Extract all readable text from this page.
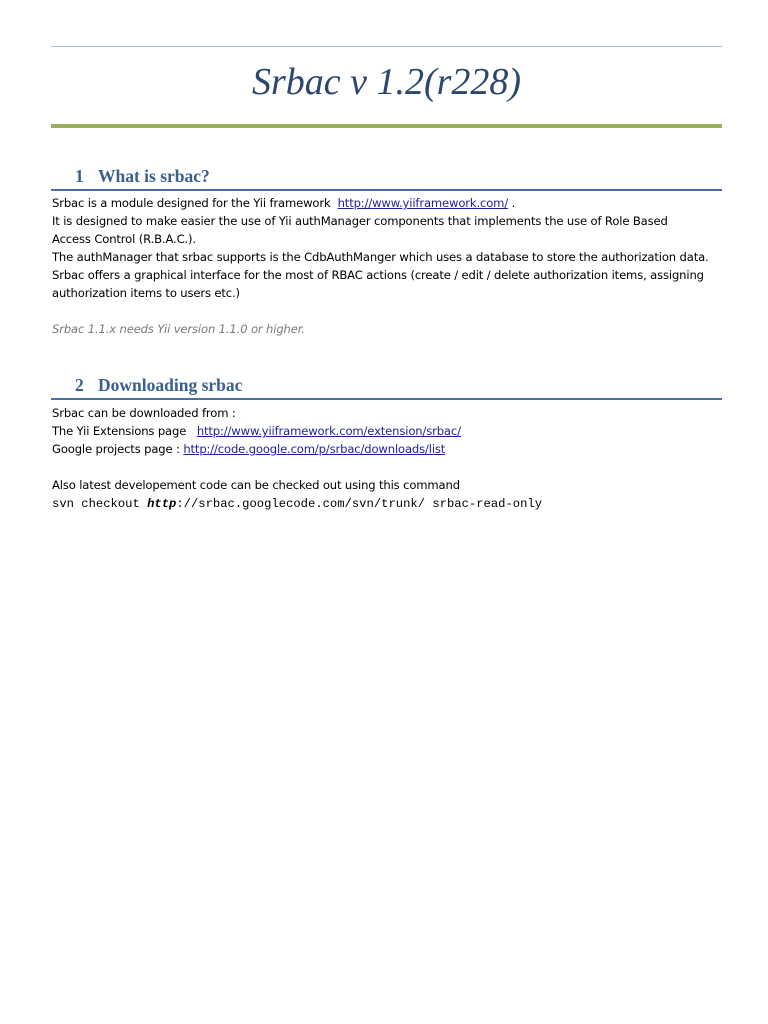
Srbac v 1.2(r228)
1 What is srbac?
Srbac is a module designed for the Yii framework http://www.yiiframework.com/ .
It is designed to make easier the use of Yii authManager components that implements the use of Role Based
Access Control (R.B.A.C.).
The authManager that srbac supports is the CdbAuthManger which uses a database to store the authorization data.
Srbac offers a graphical interface for the most of RBAC actions (create / edit / delete authorization items, assigning
authorization items to users etc.)
Srbac 1.1.x needs Yii version 1.1.0 or higher.
2 Downloading srbac
Srbac can be downloaded from :
The Yii Extensions page http://www.yiiframework.com/extension/srbac/
Google projects page : http://code.google.com/p/srbac/downloads/list
Also latest developement code can be checked out using this command
svn checkout http://srbac.googlecode.com/svn/trunk/ srbac-read-only
